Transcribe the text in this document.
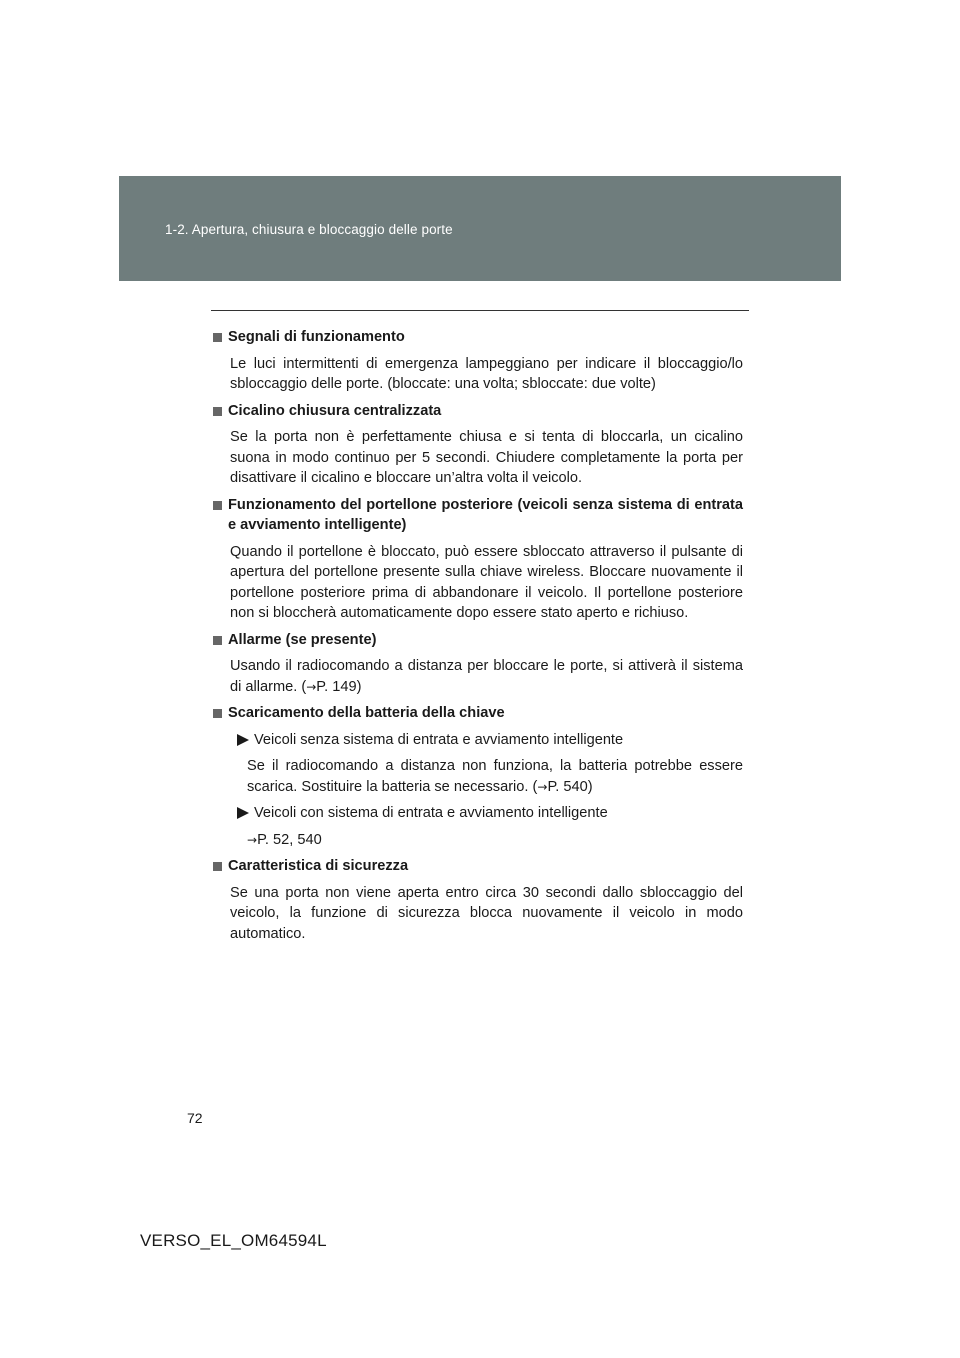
1-2. Apertura, chiusura e bloccaggio delle porte
Segnali di funzionamento

Le luci intermittenti di emergenza lampeggiano per indicare il bloccaggio/lo sbloccaggio delle porte. (bloccate: una volta; sbloccate: due volte)

Cicalino chiusura centralizzata

Se la porta non è perfettamente chiusa e si tenta di bloccarla, un cicalino suona in modo continuo per 5 secondi. Chiudere completamente la porta per disattivare il cicalino e bloccare un’altra volta il veicolo.

Funzionamento del portellone posteriore (veicoli senza sistema di entrata e avviamento intelligente)

Quando il portellone è bloccato, può essere sbloccato attraverso il pulsante di apertura del portellone presente sulla chiave wireless. Bloccare nuovamente il portellone posteriore prima di abbandonare il veicolo. Il portellone posteriore non si bloccherà automaticamente dopo essere stato aperto e richiuso.

Allarme (se presente)

Usando il radiocomando a distanza per bloccare le porte, si attiverà il sistema di allarme. (→P. 149)

Scaricamento della batteria della chiave
Veicoli senza sistema di entrata e avviamento intelligente

Se il radiocomando a distanza non funziona, la batteria potrebbe essere scarica. Sostituire la batteria se necessario. (→P. 540)

Veicoli con sistema di entrata e avviamento intelligente

→P. 52, 540

Caratteristica di sicurezza

Se una porta non viene aperta entro circa 30 secondi dallo sbloccaggio del veicolo, la funzione di sicurezza blocca nuovamente il veicolo in modo automatico.

72
VERSO_EL_OM64594L
